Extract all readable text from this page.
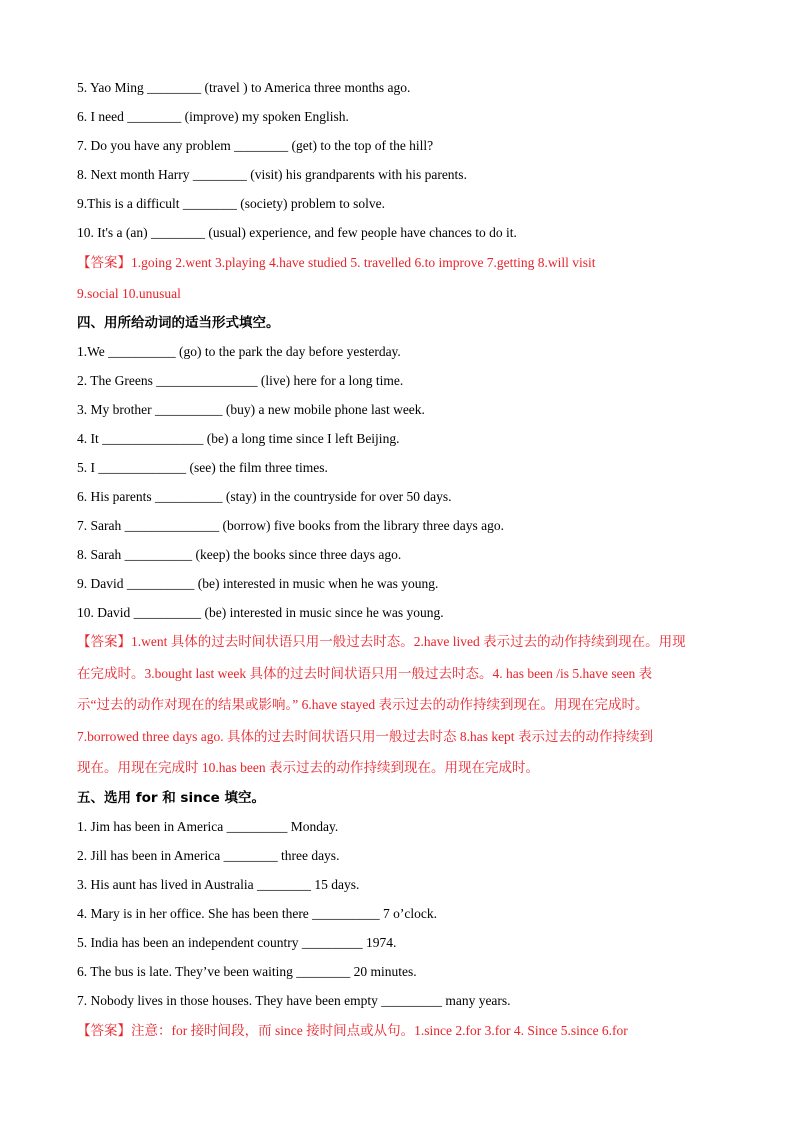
5. Yao Ming ________ (travel ) to America three months ago.
6. I need ________ (improve) my spoken English.
7. Do you have any problem ________ (get) to the top of the hill?
8. Next month Harry ________ (visit) his grandparents with his parents.
9.This is a difficult ________ (society) problem to solve.
10. It's a (an) ________ (usual) experience, and few people have chances to do it.
【答案】1.going 2.went 3.playing 4.have studied 5. travelled 6.to improve 7.getting 8.will visit
9.social 10.unusual
四、用所给动词的适当形式填空。
1.We __________ (go) to the park the day before yesterday.
2. The Greens _______________ (live) here for a long time.
3. My brother __________ (buy) a new mobile phone last week.
4. It _______________ (be) a long time since I left Beijing.
5. I _____________ (see) the film three times.
6. His parents __________ (stay) in the countryside for over 50 days.
7. Sarah ______________ (borrow) five books from the library three days ago.
8. Sarah __________ (keep) the books since three days ago.
9. David __________ (be) interested in music when he was young.
10. David __________ (be) interested in music since he was young.
【答案】1.went 具体的过去时间状语只用一般过去时态。2.have lived 表示过去的动作持续到现在。用现
在完成时。3.bought last week 具体的过去时间状语只用一般过去时态。4. has been /is 5.have seen 表
示“过去的动作对现在的结果或影响。” 6.have stayed 表示过去的动作持续到现在。用现在完成时。
7.borrowed three days ago. 具体的过去时间状语只用一般过去时态 8.has kept 表示过去的动作持续到
现在。用现在完成时 10.has been 表示过去的动作持续到现在。用现在完成时。
五、选用 for 和 since 填空。
1. Jim has been in America _________ Monday.
2. Jill has been in America ________ three days.
3. His aunt has lived in Australia ________ 15 days.
4. Mary is in her office. She has been there __________ 7 o’clock.
5. India has been an independent country _________ 1974.
6. The bus is late. They’ve been waiting ________ 20 minutes.
7. Nobody lives in those houses. They have been empty _________ many years.
【答案】注意：for 接时间段，而 since 接时间点或从句。1.since 2.for 3.for 4. Since 5.since 6.for
